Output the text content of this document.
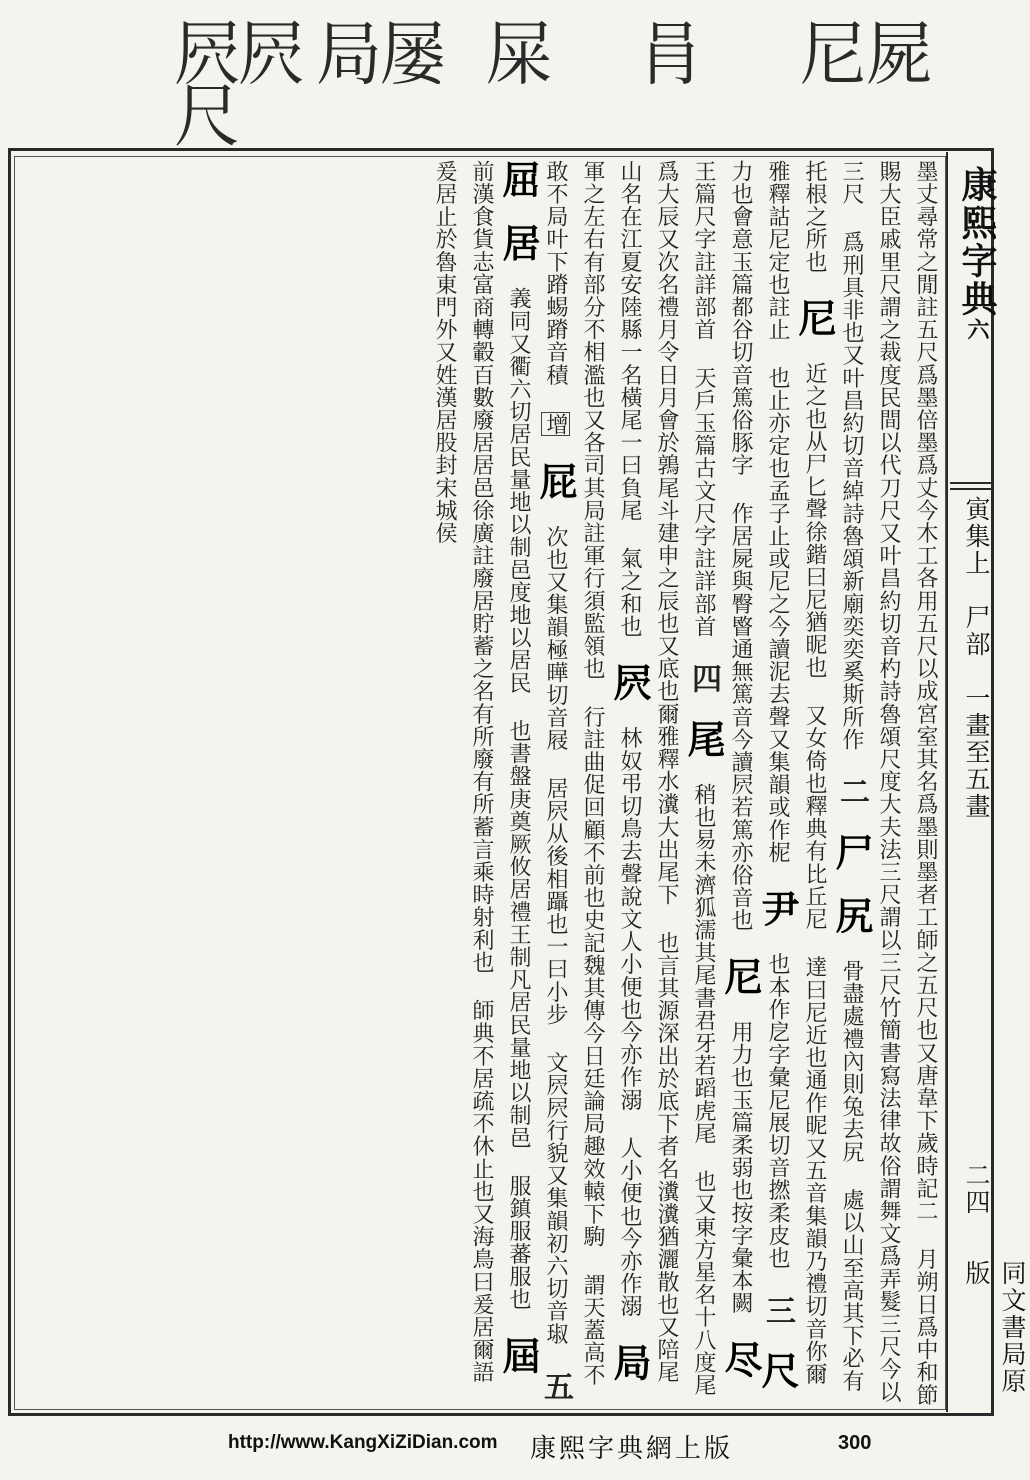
屄
屄 局
屡 屎 肙 尼 屍
尺
康熙字典六
寅集上　尸部　一畫至五畫
二四
同文書局原版
墨丈尋常之閒註五尺爲墨倍墨爲丈今木工各用五尺以成宮室其名爲墨則墨者工師之五尺也又唐韋下歲時記二 月朔日爲中和節賜大臣戚里尺謂之裁度民間以代刀尺又叶昌約切音杓詩魯頌尺度大夫法三尺謂以三尺竹簡書寫法律故俗謂舞文爲弄髮三尺今以三尺 爲刑具非也又叶昌約切音綽詩魯頌新廟奕奕奚斯所作 二 尸 尻 骨盡處禮內則兔去尻 處以山至高其下必有托根之所也 尼 近之也从尸匕聲徐鍇曰尼猶昵也 又女倚也釋典有比丘尼 達曰尼近也通作昵又五音集韻乃禮切音你爾雅釋詁尼定也註止 也止亦定也孟子止或尼之今讀泥去聲又集韻或作柅 尹 也本作戹字彙尼展切音撚柔皮也 三 尺 力也會意玉篇都谷切音篤俗豚字 作居屍與臀睯通無篤音今讀屄若篤亦俗音也 尼 用力也玉篇柔弱也按字彙本闕 尽 王篇尺字註詳部首 天戶玉篇古文尺字註詳部首 四 尾 稍也易未濟狐濡其尾書君牙若蹈虎尾 也又東方星名十八度尾爲大辰又次名禮月令日月會於鶉尾斗建申之辰也又底也爾雅釋水瀵大出尾下 也言其源深出於底下者名瀵瀵猶灑散也又陪尾山名在江夏安陸縣一名橫尾一曰負尾 氣之和也 屄 林奴弔切鳥去聲說文人小便也今亦作溺 人小便也今亦作溺 局 軍之左右有部分不相濫也又各司其局註軍行須監領也 行註曲促回顧不前也史記魏其傳今日廷論局趣效轅下駒 謂天蓋高不敢不局叶下蹐蜴蹐音積 增 屁 次也又集韻極曄切音屐 居屄从後相躡也一曰小步 文屄屄行貌又集韻初六切音琡 五 屈 居 義同又衢六切居民量地以制邑度地以居民 也書盤庚奠厥攸居禮王制凡居民量地以制邑 服鎮服蕃服也 屆 前漢食貨志富商轉轂百數廢居居邑徐廣註廢居貯蓄之名有所廢有所蓄言乘時射利也 師典不居疏不休止也又海鳥曰爰居爾語爰居止於魯東門外又姓漢居股封宋城侯
http://www.KangXiZiDian.com 康熙字典網上版	300
